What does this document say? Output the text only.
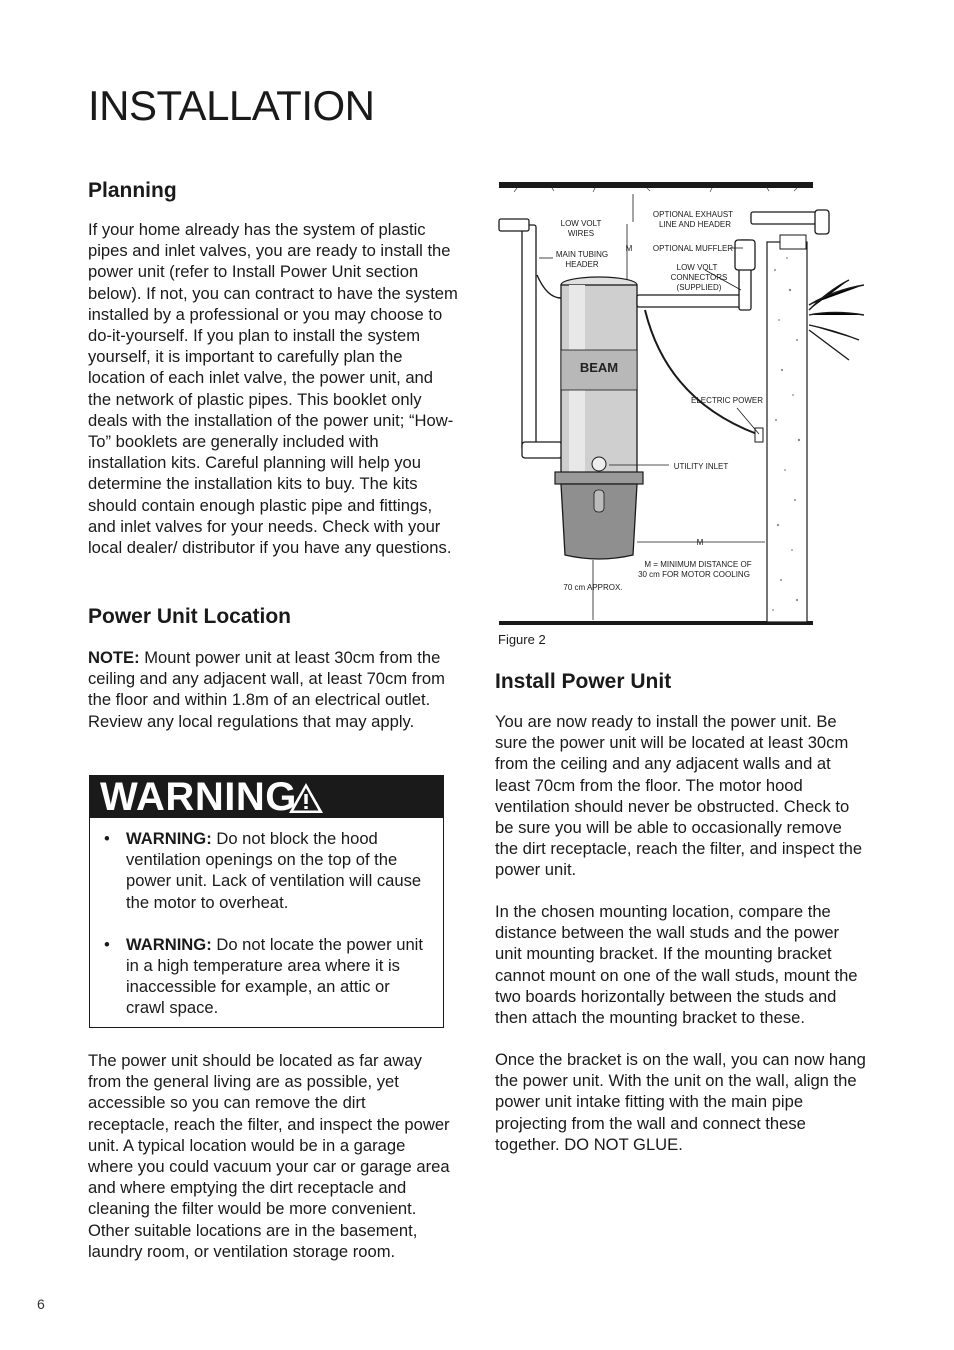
INSTALLATION
Planning

If your home already has the system of plastic pipes and inlet valves, you are ready to install the power unit (refer to Install Power Unit section below). If not, you can contract to have the system installed by a professional or you may choose to do-it-yourself. If you plan to install the system yourself, it is important to carefully plan the location of each inlet valve, the power unit, and the network of plastic pipes. This booklet only deals with the installation of the power unit; “How-To” booklets are generally included with installation kits. Careful planning will help you determine the installation kits to buy. The kits should contain enough plastic pipe and fittings, and inlet valves for your needs. Check with your local dealer/ distributor if you have any questions.

Power Unit Location

NOTE: Mount power unit at least 30cm from the ceiling and any adjacent wall, at least 70cm from the floor and within 1.8m of an electrical outlet. Review any local regulations that may apply.

WARNING
• WARNING: Do not block the hood ventilation openings on the top of the power unit. Lack of ventilation will cause the motor to overheat.
• WARNING: Do not locate the power unit in a high temperature area where it is inaccessible for example, an attic or crawl space.

The power unit should be located as far away from the general living are as possible, yet accessible so you can remove the dirt receptacle, reach the filter, and inspect the power unit. A typical location would be in a garage where you could vacuum your car or garage area and where emptying the dirt receptacle and cleaning the filter would be more convenient. Other suitable locations are in the basement, laundry room, or ventilation storage room.

BEAM
LOW VOLT
WIRES
MAIN TUBING
HEADER
OPTIONAL EXHAUST
LINE AND HEADER
OPTIONAL MUFFLER
M
LOW VOLT
CONNECTORS
(SUPPLIED)
ELECTRIC POWER
UTILITY INLET
M
M = MINIMUM DISTANCE OF
30 cm FOR MOTOR COOLING
70 cm APPROX.
Figure 2
Install Power Unit

You are now ready to install the power unit. Be sure the power unit will be located at least 30cm from the ceiling and any adjacent walls and at least 70cm from the floor. The motor hood ventilation should never be obstructed. Check to be sure you will be able to occasionally remove the dirt receptacle, reach the filter, and inspect the power unit.

In the chosen mounting location, compare the distance between the wall studs and the power unit mounting bracket. If the mounting bracket cannot mount on one of the wall studs, mount the two boards horizontally between the studs and then attach the mounting bracket to these.

Once the bracket is on the wall, you can now hang the power unit. With the unit on the wall, align the power unit intake fitting with the main pipe projecting from the wall and connect these together. DO NOT GLUE.

6
